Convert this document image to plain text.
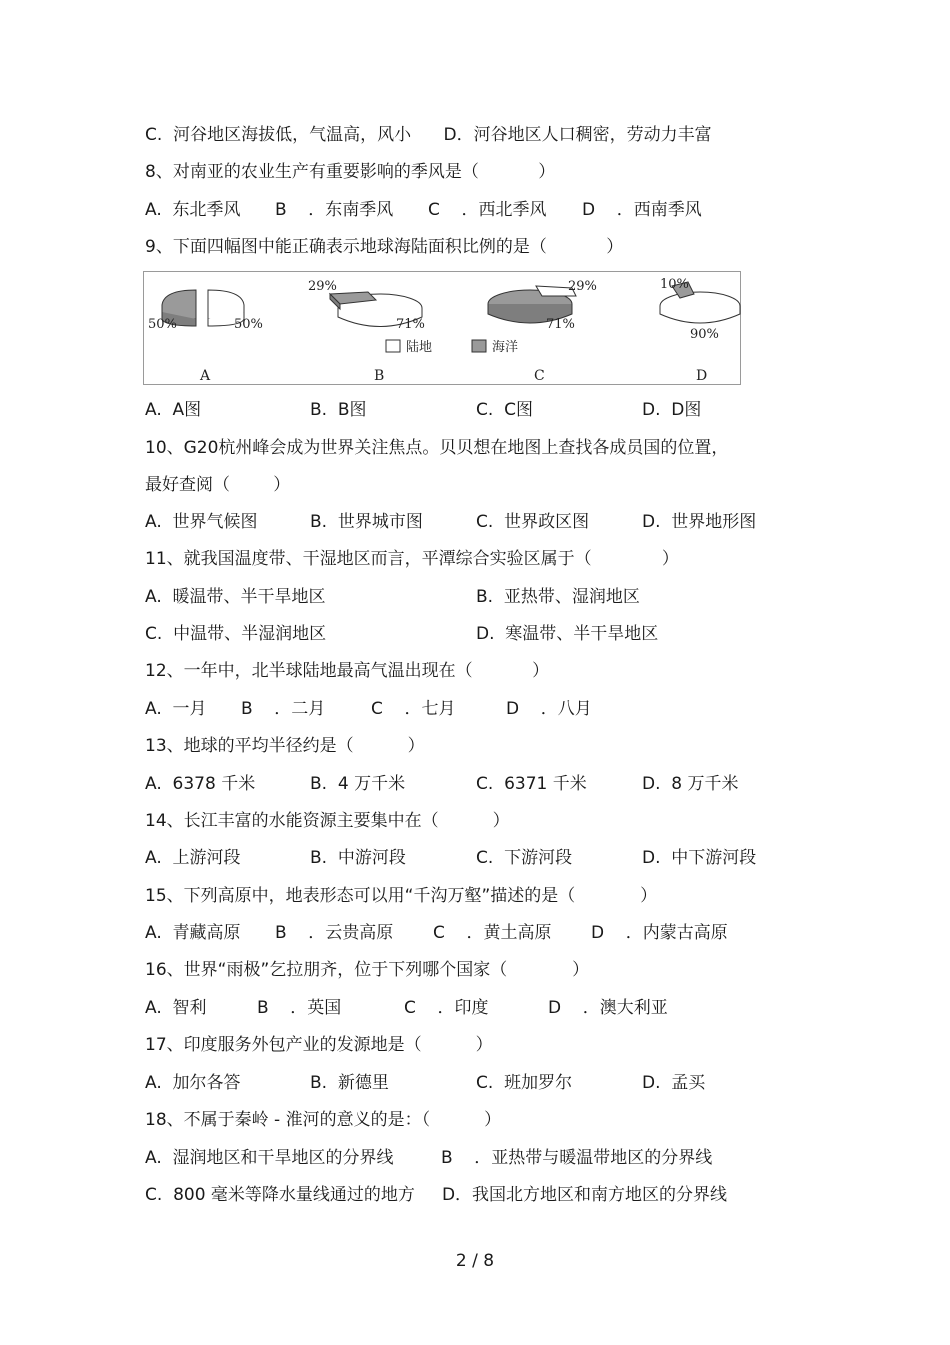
C.  河谷地区海拔低，气温高，风小      D．河谷地区人口稠密，劳动力丰富
8、对南亚的农业生产有重要影响的季风是（           ）
A.  东北季风 B    ．东南季风 C    ．西北季风 D    ．西南季风
9、下面四幅图中能正确表示地球海陆面积比例的是（           ）
50%	50%
A
29%
71%
B
29%
71%
C
10%
90%
D
陆地	海洋
A.  A图	B.  B图	C.  C图	D.  D图
10、G20杭州峰会成为世界关注焦点。贝贝想在地图上查找各成员国的位置，
最好查阅（        ）
A.  世界气候图	B.  世界城市图	C.  世界政区图	D.  世界地形图
11、就我国温度带、干湿地区而言，平潭综合实验区属于（             ）
A.  暖温带、半干旱地区	B.  亚热带、湿润地区
C.  中温带、半湿润地区	D.  寒温带、半干旱地区
12、一年中，北半球陆地最高气温出现在（           ）
A.  一月 B    ．二月	C    ．七月	D    ．八月
13、地球的平均半径约是（          ）
A.  6378 千米	B.  4 万千米	C.  6371 千米	D.  8 万千米
14、长江丰富的水能资源主要集中在（          ）
A.  上游河段	B.  中游河段	C.  下游河段	D.  中下游河段
15、下列高原中，地表形态可以用“千沟万壑”描述的是（            ）
A.  青藏高原 B    ．云贵高原 C    ．黄土高原 D    ．内蒙古高原
16、世界“雨极”乞拉朋齐，位于下列哪个国家（            ）
A.  智利	B    ．英国	C    ．印度	D    ．澳大利亚
17、印度服务外包产业的发源地是（          ）
A.  加尔各答	B.  新德里	C.  班加罗尔	D.  孟买
18、不属于秦岭 - 淮河的意义的是：（          ）
A.  湿润地区和干旱地区的分界线	B    ．亚热带与暖温带地区的分界线
C.  800 毫米等降水量线通过的地方     D．我国北方地区和南方地区的分界线
2 / 8
